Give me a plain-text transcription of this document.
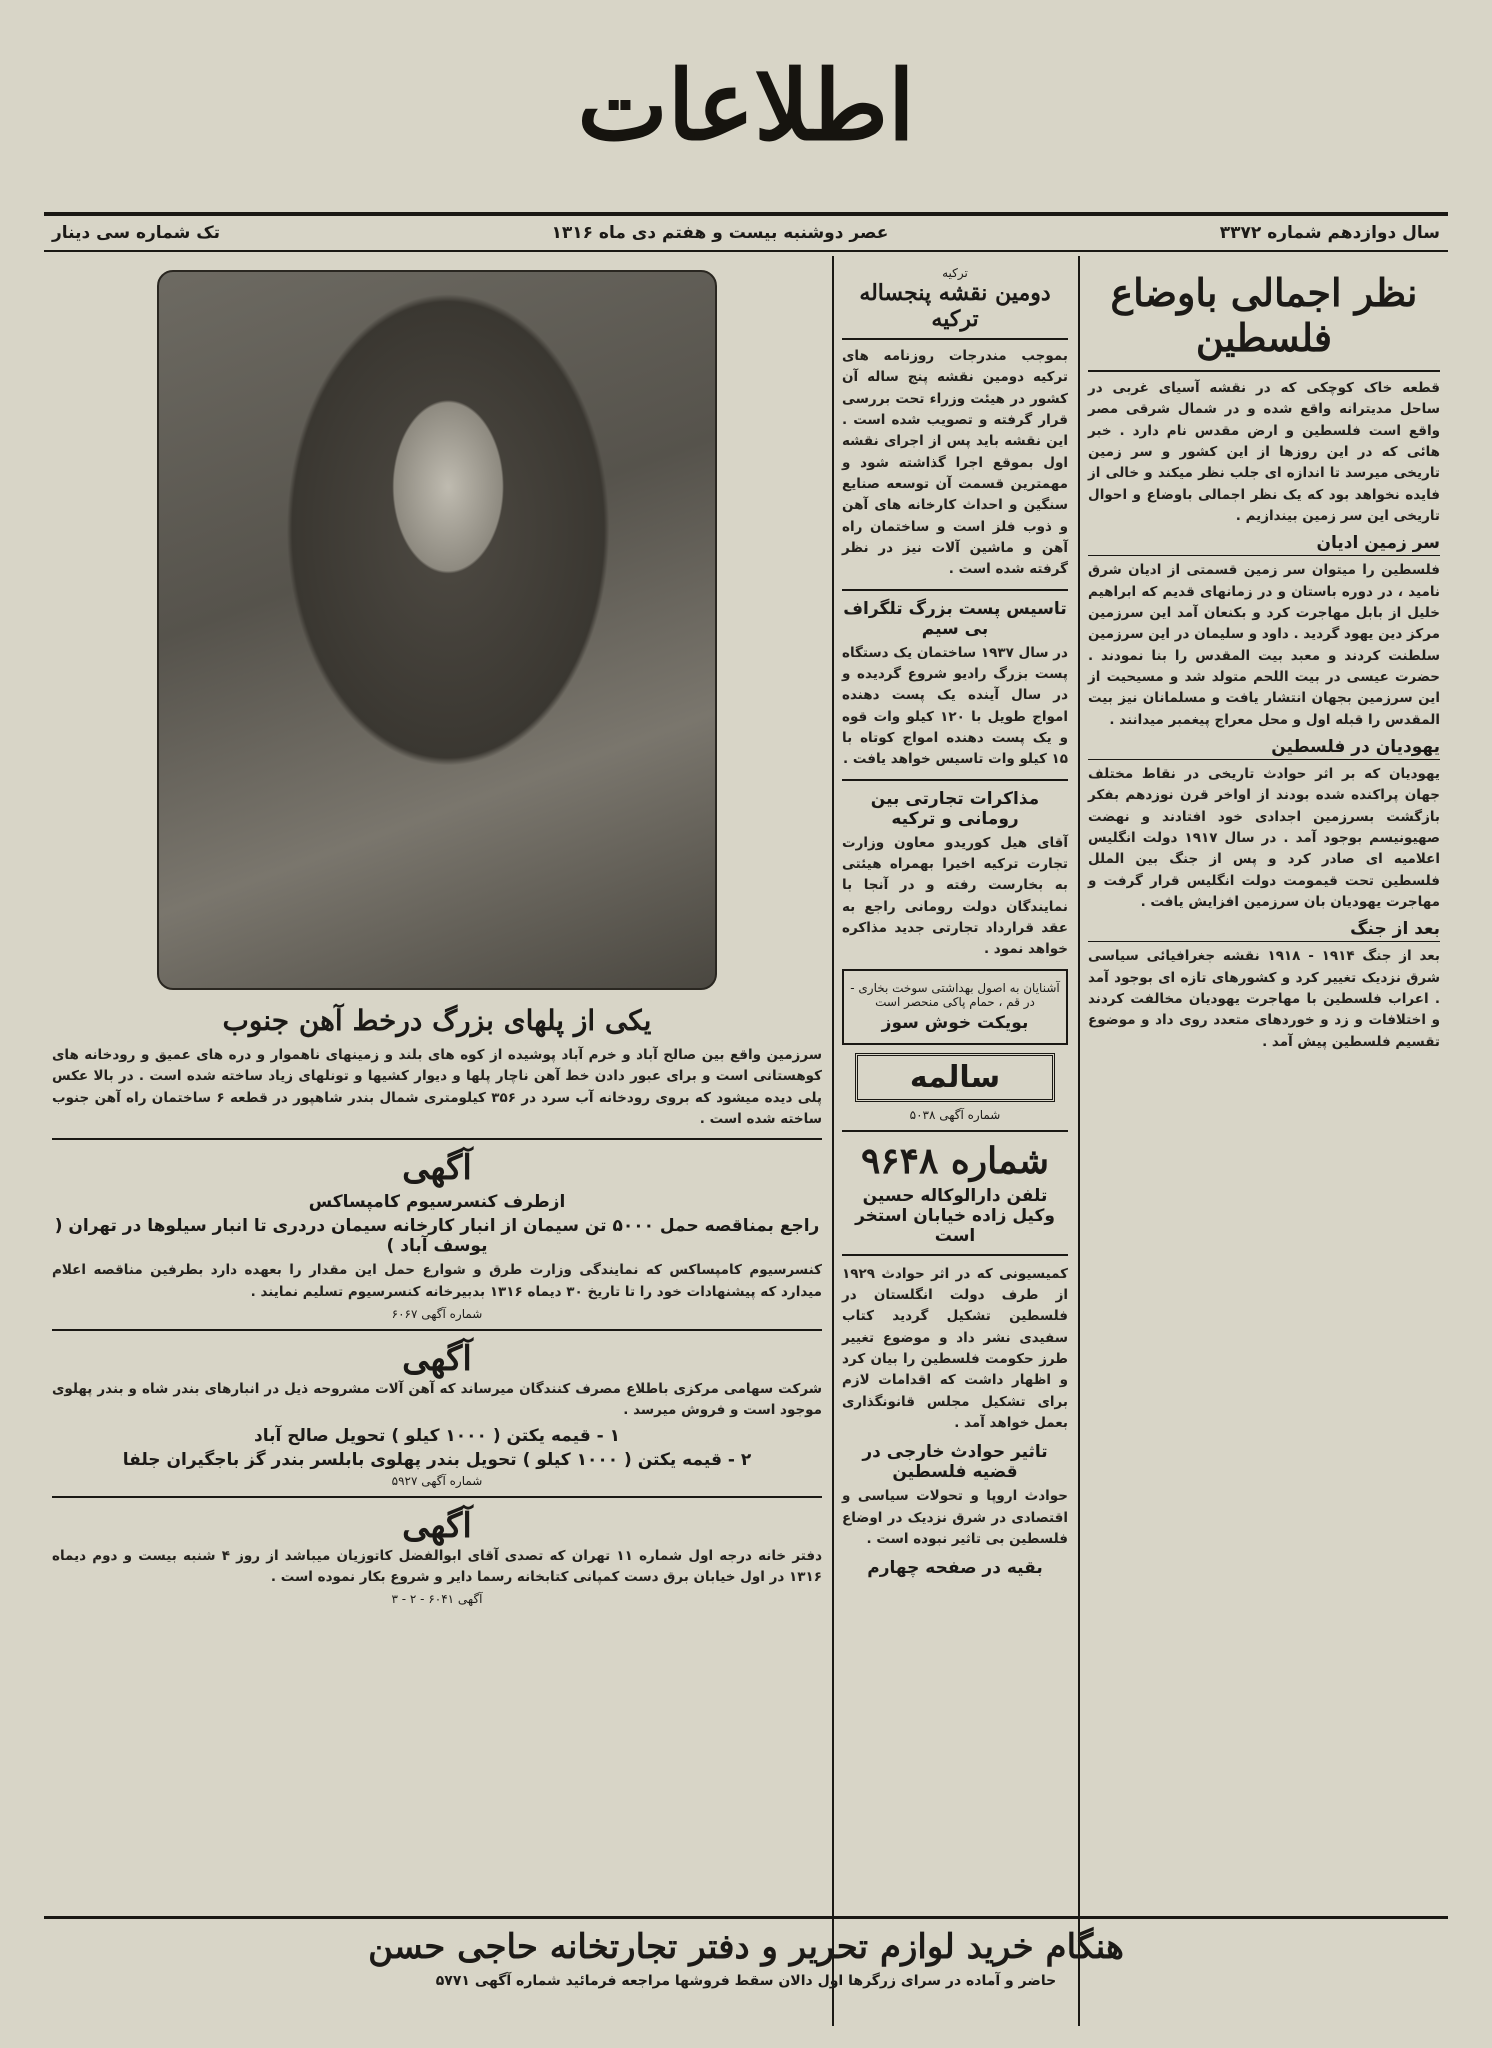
اطلاعات
سال دوازدهم شماره ۳۳۷۲
عصر دوشنبه بیست و هفتم دی ماه ۱۳۱۶
تک شماره سی دینار
نظر اجمالی باوضاع فلسطین

قطعه خاک کوچکی که در نقشه آسیای غربی در ساحل مدیترانه واقع شده و در شمال شرقی مصر واقع است فلسطین و ارض مقدس نام دارد . خبر هائی که در این روزها از این کشور و سر زمین تاریخی میرسد تا اندازه ای جلب نظر میکند و خالی از فایده نخواهد بود که یک نظر اجمالی باوضاع و احوال تاریخی این سر زمین بیندازیم .

سر زمین ادیان

فلسطین را میتوان سر زمین قسمتی از ادیان شرق نامید ، در دوره باستان و در زمانهای قدیم که ابراهیم خلیل از بابل مهاجرت کرد و بکنعان آمد این سرزمین مرکز دین یهود گردید . داود و سلیمان در این سرزمین سلطنت کردند و معبد بیت المقدس را بنا نمودند . حضرت عیسی در بیت اللحم متولد شد و مسیحیت از این سرزمین بجهان انتشار یافت و مسلمانان نیز بیت المقدس را قبله اول و محل معراج پیغمبر میدانند .

یهودیان در فلسطین

یهودیان که بر اثر حوادث تاریخی در نقاط مختلف جهان پراکنده شده بودند از اواخر قرن نوزدهم بفکر بازگشت بسرزمین اجدادی خود افتادند و نهضت صهیونیسم بوجود آمد . در سال ۱۹۱۷ دولت انگلیس اعلامیه ای صادر کرد و پس از جنگ بین الملل فلسطین تحت قیمومت دولت انگلیس قرار گرفت و مهاجرت یهودیان بان سرزمین افزایش یافت .

بعد از جنگ

بعد از جنگ ۱۹۱۴ - ۱۹۱۸ نقشه جغرافیائی سیاسی شرق نزدیک تغییر کرد و کشورهای تازه ای بوجود آمد . اعراب فلسطین با مهاجرت یهودیان مخالفت کردند و اختلافات و زد و خوردهای متعدد روی داد و موضوع تقسیم فلسطین پیش آمد .

ترکیه
دومین نقشه پنجساله ترکیه

بموجب مندرجات روزنامه های ترکیه دومین نقشه پنج ساله آن کشور در هیئت وزراء تحت بررسی قرار گرفته و تصویب شده است . این نقشه باید پس از اجرای نقشه اول بموقع اجرا گذاشته شود و مهمترین قسمت آن توسعه صنایع سنگین و احداث کارخانه های آهن و ذوب فلز است و ساختمان راه آهن و ماشین آلات نیز در نظر گرفته شده است .

تاسیس پست بزرگ تلگراف بی سیم

در سال ۱۹۳۷ ساختمان یک دستگاه پست بزرگ رادیو شروع گردیده و در سال آینده یک پست دهنده امواج طویل با ۱۲۰ کیلو وات قوه و یک پست دهنده امواج کوتاه با ۱۵ کیلو وات تاسیس خواهد یافت .

مذاکرات تجارتی بین رومانی و ترکیه

آقای هیل کوریدو معاون وزارت تجارت ترکیه اخیرا بهمراه هیئتی به بخارست رفته و در آنجا با نمایندگان دولت رومانی راجع به عقد قرارداد تجارتی جدید مذاکره خواهد نمود .

آشنایان به اصول بهداشتی سوخت بخاری - در قم ، حمام پاکی منحصر است
بویکت خوش سوز
سالمه
شماره آگهی ۵۰۳۸
شماره ۹۶۴۸
تلفن دارالوکاله حسین وکیل زاده خیابان استخر است

کمیسیونی که در اثر حوادث ۱۹۲۹ از طرف دولت انگلستان در فلسطین تشکیل گردید کتاب سفیدی نشر داد و موضوع تغییر طرز حکومت فلسطین را بیان کرد و اظهار داشت که اقدامات لازم برای تشکیل مجلس قانونگذاری بعمل خواهد آمد .

تاثیر حوادث خارجی در قضیه فلسطین

حوادث اروپا و تحولات سیاسی و اقتصادی در شرق نزدیک در اوضاع فلسطین بی تاثیر نبوده است .

بقیه در صفحه چهارم
یکی از پلهای بزرگ درخط آهن جنوب

سرزمین واقع بین صالح آباد و خرم آباد پوشیده از کوه های بلند و زمینهای ناهموار و دره های عمیق و رودخانه های کوهستانی است و برای عبور دادن خط آهن ناچار پلها و دیوار کشیها و تونلهای زیاد ساخته شده است . در بالا عکس پلی دیده میشود که بروی رودخانه آب سرد در ۳۵۶ کیلومتری شمال بندر شاهپور در قطعه ۶ ساختمان راه آهن جنوب ساخته شده است .

آگهی
ازطرف کنسرسیوم کامپساکس
راجع بمناقصه حمل ۵۰۰۰ تن سیمان از انبار کارخانه سیمان دردری تا انبار سیلوها در تهران ( یوسف آباد )

کنسرسیوم کامپساکس که نمایندگی وزارت طرق و شوارع حمل این مقدار را بعهده دارد بطرفین مناقصه اعلام میدارد که پیشنهادات خود را تا تاریخ ۳۰ دیماه ۱۳۱۶ بدبیرخانه کنسرسیوم تسلیم نمایند .

شماره آگهی ۶۰۶۷
آگهی

شرکت سهامی مرکزی باطلاع مصرف کنندگان میرساند که آهن آلات مشروحه ذیل در انبارهای بندر شاه و بندر پهلوی موجود است و فروش میرسد .

۱ - قیمه یکتن ( ۱۰۰۰ کیلو ) تحویل صالح آباد
۲ - قیمه یکتن ( ۱۰۰۰ کیلو ) تحویل بندر پهلوی بابلسر بندر گز باجگیران جلفا
شماره آگهی ۵۹۲۷
آگهی

دفتر خانه درجه اول شماره ۱۱ تهران که تصدی آقای ابوالفضل کاتوزیان میباشد از روز ۴ شنبه بیست و دوم دیماه ۱۳۱۶ در اول خیابان برق دست کمپانی کتابخانه رسما دایر و شروع بکار نموده است .

آگهی ۶۰۴۱ - ۲ - ۳
هنگام خرید لوازم تحریر و دفتر تجارتخانه حاجی حسن
حاضر و آماده در سرای زرگرها اول دالان سقط فروشها مراجعه فرمائید شماره آگهی ۵۷۷۱
